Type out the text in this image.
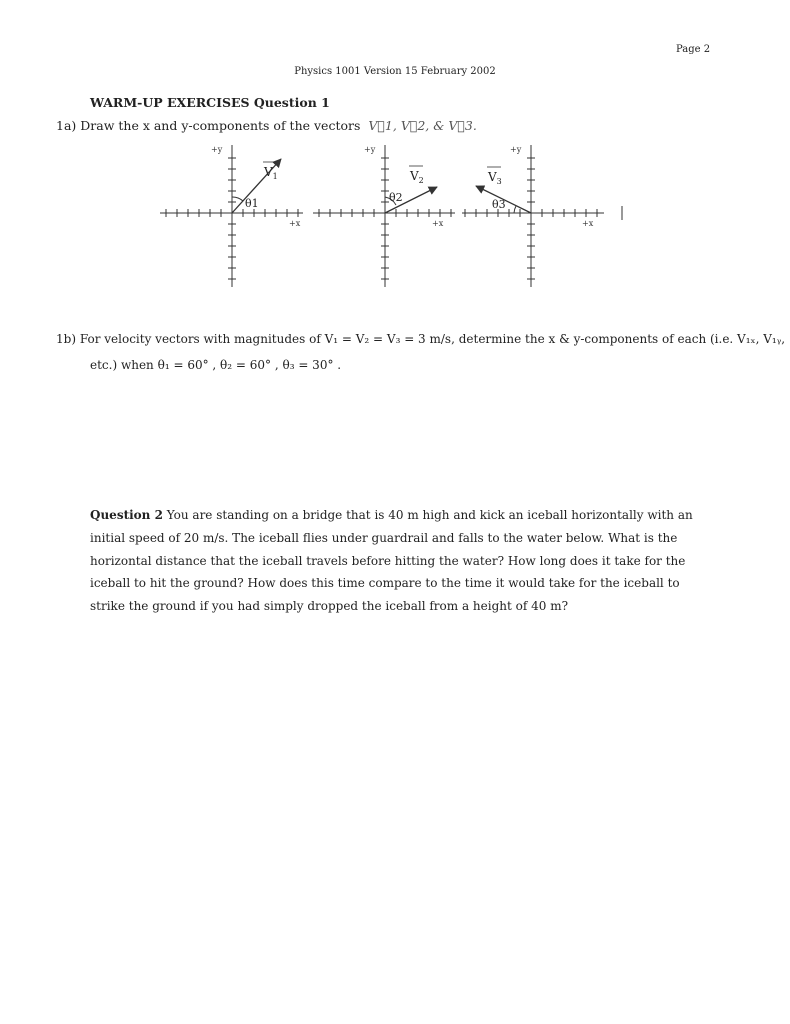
Page 2
Physics 1001 Version 15 February 2002
WARM-UP EXERCISES Question 1
1a) Draw the x and y-components of the vectors V⃗1, V⃗2, & V⃗3.
+y
+x
$V_1$
θ1
+y
+x
$V_2$
θ2
+y
+x
$V_3$
θ3
1b) For velocity vectors with magnitudes of V₁ = V₂ = V₃ = 3 m/s, determine the x & y-components of each (i.e. V₁ₓ, V₁ᵧ,
etc.) when θ₁ = 60° , θ₂ = 60° , θ₃ = 30° .
Question 2 You are standing on a bridge that is 40 m high and kick an iceball horizontally with an initial speed of 20 m/s. The iceball flies under guardrail and falls to the water below. What is the horizontal distance that the iceball travels before hitting the water? How long does it take for the iceball to hit the ground? How does this time compare to the time it would take for the iceball to strike the ground if you had simply dropped the iceball from a height of 40 m?
